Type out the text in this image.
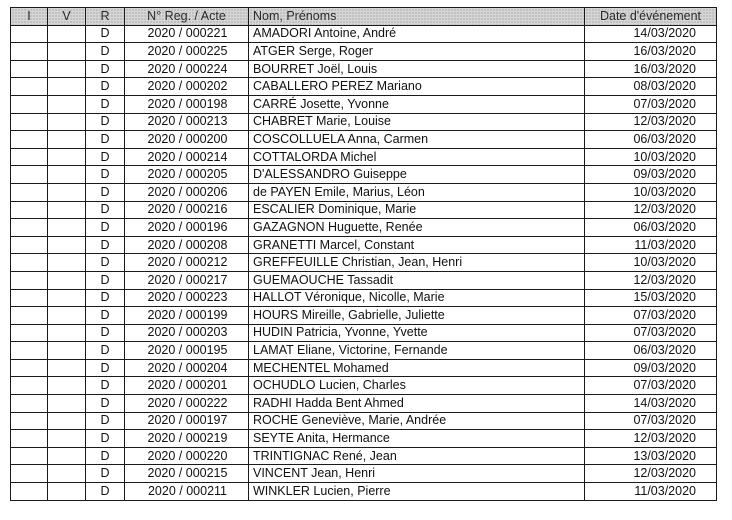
I	V	R	N° Reg. / Acte	Nom, Prénoms	Date d'événement
		D	2020 / 000221	AMADORI Antoine, André	14/03/2020
		D	2020 / 000225	ATGER Serge, Roger	16/03/2020
		D	2020 / 000224	BOURRET Joël, Louis	16/03/2020
		D	2020 / 000202	CABALLERO PEREZ Mariano	08/03/2020
		D	2020 / 000198	CARRÉ Josette, Yvonne	07/03/2020
		D	2020 / 000213	CHABRET Marie, Louise	12/03/2020
		D	2020 / 000200	COSCOLLUELA Anna, Carmen	06/03/2020
		D	2020 / 000214	COTTALORDA Michel	10/03/2020
		D	2020 / 000205	D'ALESSANDRO Guiseppe	09/03/2020
		D	2020 / 000206	de PAYEN Emile, Marius, Léon	10/03/2020
		D	2020 / 000216	ESCALIER Dominique, Marie	12/03/2020
		D	2020 / 000196	GAZAGNON Huguette, Renée	06/03/2020
		D	2020 / 000208	GRANETTI Marcel, Constant	11/03/2020
		D	2020 / 000212	GREFFEUILLE Christian, Jean, Henri	10/03/2020
		D	2020 / 000217	GUEMAOUCHE Tassadit	12/03/2020
		D	2020 / 000223	HALLOT Véronique, Nicolle, Marie	15/03/2020
		D	2020 / 000199	HOURS Mireille, Gabrielle, Juliette	07/03/2020
		D	2020 / 000203	HUDIN Patricia, Yvonne, Yvette	07/03/2020
		D	2020 / 000195	LAMAT Eliane, Victorine, Fernande	06/03/2020
		D	2020 / 000204	MECHENTEL Mohamed	09/03/2020
		D	2020 / 000201	OCHUDLO Lucien, Charles	07/03/2020
		D	2020 / 000222	RADHI Hadda Bent Ahmed	14/03/2020
		D	2020 / 000197	ROCHE Geneviève, Marie, Andrée	07/03/2020
		D	2020 / 000219	SEYTE Anita, Hermance	12/03/2020
		D	2020 / 000220	TRINTIGNAC René, Jean	13/03/2020
		D	2020 / 000215	VINCENT Jean, Henri	12/03/2020
		D	2020 / 000211	WINKLER Lucien, Pierre	11/03/2020
